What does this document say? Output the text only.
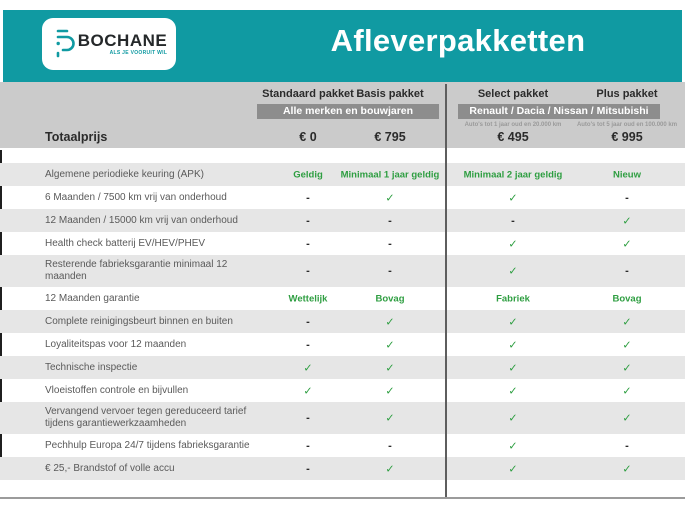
BOCHANE
ALS JE VOORUIT WIL	Afleverpakketten
Standaard pakket Basis pakket	Select pakket	Plus pakket
Alle merken en bouwjaren	Renault / Dacia / Nissan / Mitsubishi
Auto's tot 1 jaar oud en 20.000 km	Auto's tot 5 jaar oud en 100.000 km
Totaalprijs	€ 0	€ 795	€ 495	€ 995
Algemene periodieke keuring (APK)	Geldig	Minimaal 1 jaar geldig	Minimaal 2 jaar geldig	Nieuw
6 Maanden / 7500 km vrij van onderhoud	-	✓	✓	-
12 Maanden / 15000 km vrij van onderhoud	-	-	-	✓
Health check batterij EV/HEV/PHEV	-	-	✓	✓
Resterende fabrieksgarantie minimaal 12 maanden	-	-	✓	-
12 Maanden garantie	Wettelijk	Bovag	Fabriek	Bovag
Complete reinigingsbeurt binnen en buiten	-	✓	✓	✓
Loyaliteitspas voor 12 maanden	-	✓	✓	✓
Technische inspectie	✓	✓	✓	✓
Vloeistoffen controle en bijvullen	✓	✓	✓	✓
Vervangend vervoer tegen gereduceerd tarief tijdens garantiewerkzaamheden	-	✓	✓	✓
Pechhulp Europa 24/7 tijdens fabrieksgarantie	-	-	✓	-
€ 25,- Brandstof of volle accu	-	✓	✓	✓
